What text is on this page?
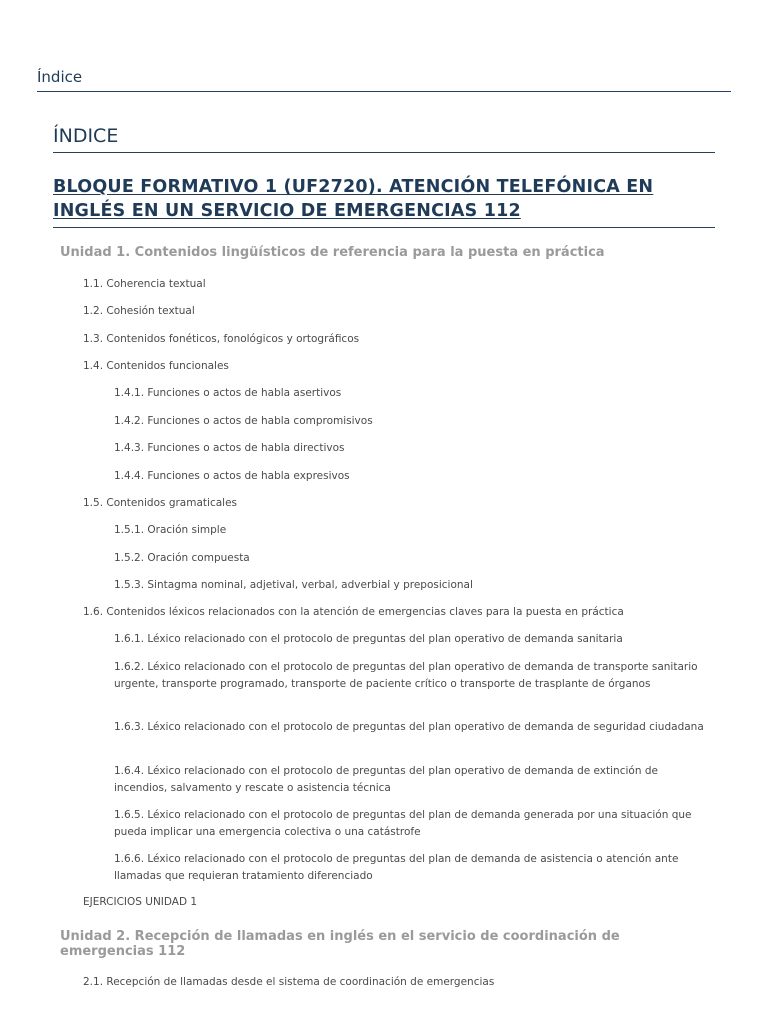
Índice
ÍNDICE
BLOQUE FORMATIVO 1 (UF2720). ATENCIÓN TELEFÓNICA EN INGLÉS EN UN SERVICIO DE EMERGENCIAS 112
Unidad 1. Contenidos lingüísticos de referencia para la puesta en práctica
1.1. Coherencia textual
1.2. Cohesión textual
1.3. Contenidos fonéticos, fonológicos y ortográficos
1.4. Contenidos funcionales
1.4.1. Funciones o actos de habla asertivos
1.4.2. Funciones o actos de habla compromisivos
1.4.3. Funciones o actos de habla directivos
1.4.4. Funciones o actos de habla expresivos
1.5. Contenidos gramaticales
1.5.1. Oración simple
1.5.2. Oración compuesta
1.5.3. Sintagma nominal, adjetival, verbal, adverbial y preposicional
1.6. Contenidos léxicos relacionados con la atención de emergencias claves para la puesta en práctica
1.6.1. Léxico relacionado con el protocolo de preguntas del plan operativo de demanda sanitaria
1.6.2. Léxico relacionado con el protocolo de preguntas del plan operativo de demanda de transporte sanitario urgente, transporte programado, transporte de paciente crítico o transporte de trasplante de órganos
1.6.3. Léxico relacionado con el protocolo de preguntas del plan operativo de demanda de seguridad ciudadana
1.6.4. Léxico relacionado con el protocolo de preguntas del plan operativo de demanda de extinción de incendios, salvamento y rescate o asistencia técnica
1.6.5. Léxico relacionado con el protocolo de preguntas del plan de demanda generada por una situación que pueda implicar una emergencia colectiva o una catástrofe
1.6.6. Léxico relacionado con el protocolo de preguntas del plan de demanda de asistencia o atención ante llamadas que requieran tratamiento diferenciado
EJERCICIOS UNIDAD 1
Unidad 2. Recepción de llamadas en inglés en el servicio de coordinación de emergencias 112
2.1. Recepción de llamadas desde el sistema de coordinación de emergencias
